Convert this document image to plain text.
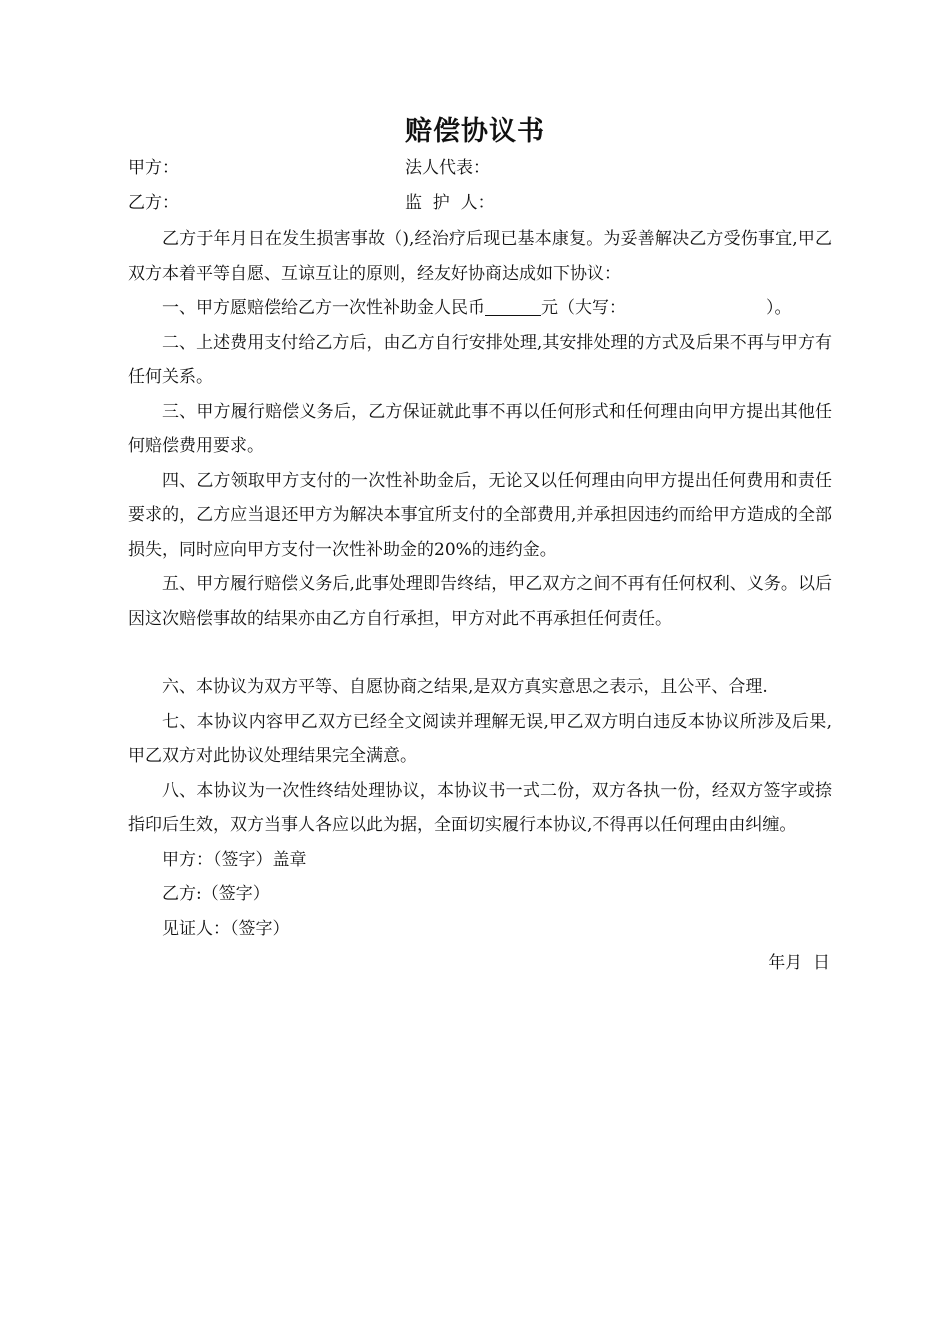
赔偿协议书
甲方：	法人代表：
乙方：	监  护  人：

乙方于年月日在发生损害事故（),经治疗后现已基本康复。为妥善解决乙方受伤事宜,甲乙双方本着平等自愿、互谅互让的原则，经友好协商达成如下协议：

一、甲方愿赔偿给乙方一次性补助金人民币	元（大写：	）。

二、上述费用支付给乙方后，由乙方自行安排处理,其安排处理的方式及后果不再与甲方有任何关系。

三、甲方履行赔偿义务后，乙方保证就此事不再以任何形式和任何理由向甲方提出其他任何赔偿费用要求。

四、乙方领取甲方支付的一次性补助金后，无论又以任何理由向甲方提出任何费用和责任要求的，乙方应当退还甲方为解决本事宜所支付的全部费用,并承担因违约而给甲方造成的全部损失，同时应向甲方支付一次性补助金的20%的违约金。

五、甲方履行赔偿义务后,此事处理即告终结，甲乙双方之间不再有任何权利、义务。以后因这次赔偿事故的结果亦由乙方自行承担，甲方对此不再承担任何责任。

六、本协议为双方平等、自愿协商之结果,是双方真实意思之表示，且公平、合理.

七、本协议内容甲乙双方已经全文阅读并理解无误,甲乙双方明白违反本协议所涉及后果,甲乙双方对此协议处理结果完全满意。

八、本协议为一次性终结处理协议，本协议书一式二份，双方各执一份，经双方签字或捺指印后生效，双方当事人各应以此为据，全面切实履行本协议,不得再以任何理由由纠缠。

甲方：（签字）盖章

乙方:（签字）

见证人：（签字）

年月  日
